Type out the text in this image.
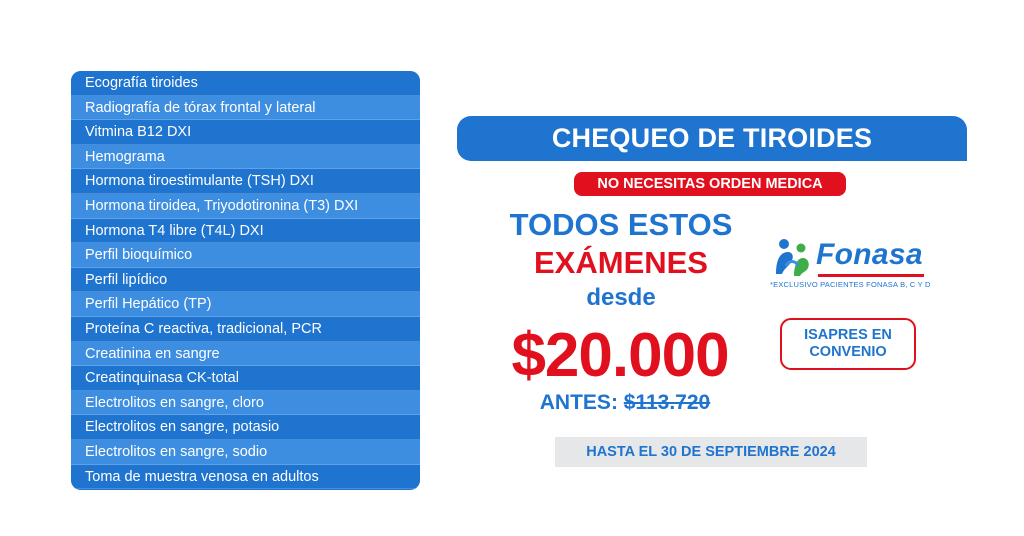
Ecografía tiroides
Radiografía de tórax frontal y lateral
Vitmina B12 DXI
Hemograma
Hormona tiroestimulante (TSH) DXI
Hormona tiroidea, Triyodotironina (T3) DXI
Hormona T4 libre (T4L) DXI
Perfil bioquímico
Perfil lipídico
Perfil Hepático (TP)
Proteína C reactiva, tradicional, PCR
Creatinina en sangre
Creatinquinasa CK-total
Electrolitos en sangre, cloro
Electrolitos en sangre, potasio
Electrolitos en sangre, sodio
Toma de muestra venosa en adultos
CHEQUEO DE TIROIDES
NO NECESITAS ORDEN MEDICA
TODOS ESTOS
EXÁMENES
desde
$20.000
ANTES: $113.720
HASTA EL 30 DE SEPTIEMBRE 2024
Fonasa
*EXCLUSIVO PACIENTES FONASA B, C Y D
ISAPRES EN
CONVENIO
